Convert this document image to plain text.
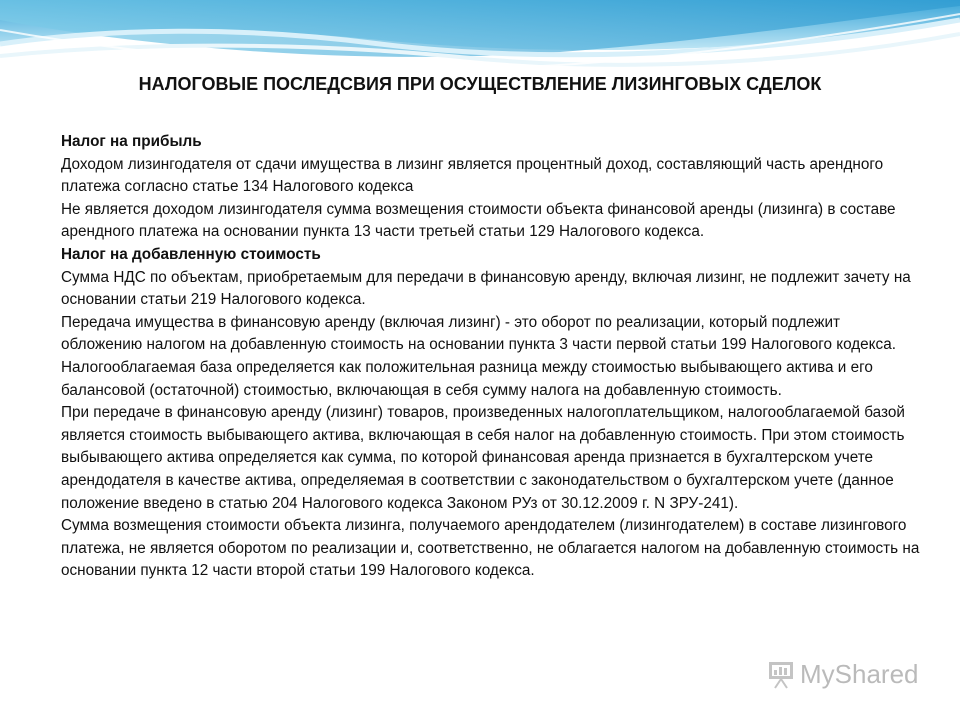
НАЛОГОВЫЕ ПОСЛЕДСВИЯ ПРИ ОСУЩЕСТВЛЕНИЕ ЛИЗИНГОВЫХ СДЕЛОК

Налог на прибыль

Доходом лизингодателя от сдачи имущества в лизинг является процентный доход, составляющий часть арендного платежа согласно статье 134 Налогового кодекса

Не является доходом лизингодателя сумма возмещения стоимости объекта финансовой аренды (лизинга) в составе арендного платежа на основании пункта 13 части третьей статьи 129 Налогового кодекса.

Налог на добавленную стоимость

Сумма НДС по объектам, приобретаемым для передачи в финансовую аренду, включая лизинг, не подлежит зачету на основании статьи 219 Налогового кодекса.

Передача имущества в финансовую аренду (включая лизинг) - это оборот по реализации, который подлежит обложению налогом на добавленную стоимость на основании пункта 3 части первой статьи 199 Налогового кодекса. Налогооблагаемая база определяется как положительная разница между стоимостью выбывающего актива и его балансовой (остаточной) стоимостью, включающая в себя сумму налога на добавленную стоимость.

При передаче в финансовую аренду (лизинг) товаров, произведенных налогоплательщиком, налогооблагаемой базой является стоимость выбывающего актива, включающая в себя налог на добавленную стоимость. При этом стоимость выбывающего актива определяется как сумма, по которой финансовая аренда признается в бухгалтерском учете арендодателя в качестве актива, определяемая в соответствии с законодательством о бухгалтерском учете (данное положение введено в статью 204 Налогового кодекса Законом РУз от 30.12.2009 г. N ЗРУ-241).

Сумма возмещения стоимости объекта лизинга, получаемого арендодателем (лизингодателем) в составе лизингового платежа, не является оборотом по реализации и, соответственно, не облагается налогом на добавленную стоимость на основании пункта 12 части второй статьи 199 Налогового кодекса.

MyShared
